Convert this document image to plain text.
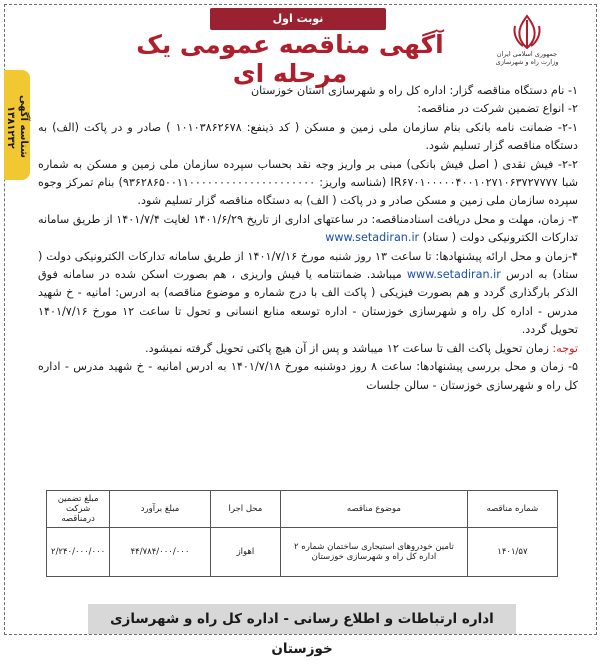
نوبت اول
جمهوری اسلامی ایران
وزارت راه و شهرسازی
آگهی مناقصه عمومی یک مرحله ای
شناسه آگهی ۱۳۸۱۲۳۲

۱- نام دستگاه مناقصه گزار: اداره کل راه و شهرسازی استان خوزستان

۲- انواع تضمین شرکت در مناقصه:

۲-۱- ضمانت نامه بانکی بنام سازمان ملی زمین و مسکن ( کد ذینفع: ۱۰۱۰۳۸۶۲۶۷۸ ) صادر و در پاکت (الف) به دستگاه مناقصه گزار تسلیم شود.

۲-۲- فیش نقدی ( اصل فیش بانکی) مبنی بر واریز وجه نقد بحساب سپرده سازمان ملی زمین و مسکن به شماره شبا IR۶۷۰۱۰۰۰۰۰۴۰۰۱۰۲۷۱۰۶۳۷۲۷۷۷۷ (شناسه واریز: ۹۳۶۲۸۶۵۰۰۱۱۰۰۰۰۰۰۰۰۰۰۰۰۰۰۰۰۰۰۰۰۰) بنام تمرکز وجوه سپرده سازمان ملی زمین و مسکن صادر و در پاکت ( الف) به دستگاه مناقصه گزار تسلیم شود.

۳- زمان، مهلت و محل دریافت اسنادمناقصه: در ساعتهای اداری از تاریخ ۱۴۰۱/۶/۲۹ لغایت ۱۴۰۱/۷/۴ از طریق سامانه تدارکات الکترونیکی دولت ( ستاد) www.setadiran.ir

۴-زمان و محل ارائه پیشنهادها: تا ساعت ۱۳ روز شنبه مورخ ۱۴۰۱/۷/۱۶ از طریق سامانه تدارکات الکترونیکی دولت ( ستاد) به ادرس www.setadiran.ir میباشد. ضمانتنامه یا فیش واریزی ، هم بصورت اسکن شده در سامانه فوق الذکر بارگذاری گردد و هم بصورت فیزیکی ( پاکت الف با درج شماره و موضوع مناقصه) به ادرس: امانیه - خ شهید مدرس - اداره کل راه و شهرسازی خوزستان - اداره توسعه منابع انسانی و تحول تا ساعت ۱۲ مورخ ۱۴۰۱/۷/۱۶ تحویل گردد.

توجه: زمان تحویل پاکت الف تا ساعت ۱۲ میباشد و پس از آن هیچ پاکتی تحویل گرفته نمیشود.

۵- زمان و محل بررسی پیشنهادها: ساعت ۸ روز دوشنبه مورخ ۱۴۰۱/۷/۱۸ به ادرس امانیه - خ شهید مدرس - اداره کل راه و شهرسازی خوزستان - سالن جلسات

شماره مناقصه	موضوع مناقصه	محل اجرا	مبلغ برآورد	مبلغ تضمین شرکت درمناقصه
۱۴۰۱/۵۷	تامین خودروهای استیجاری ساختمان شماره ۲ اداره کل راه و شهرسازی خوزستان	اهواز	۴۴/۷۸۴/۰۰۰/۰۰۰	۲/۲۴۰/۰۰۰/۰۰۰
اداره ارتباطات و اطلاع رسانی - اداره کل راه و شهرسازی خوزستان
